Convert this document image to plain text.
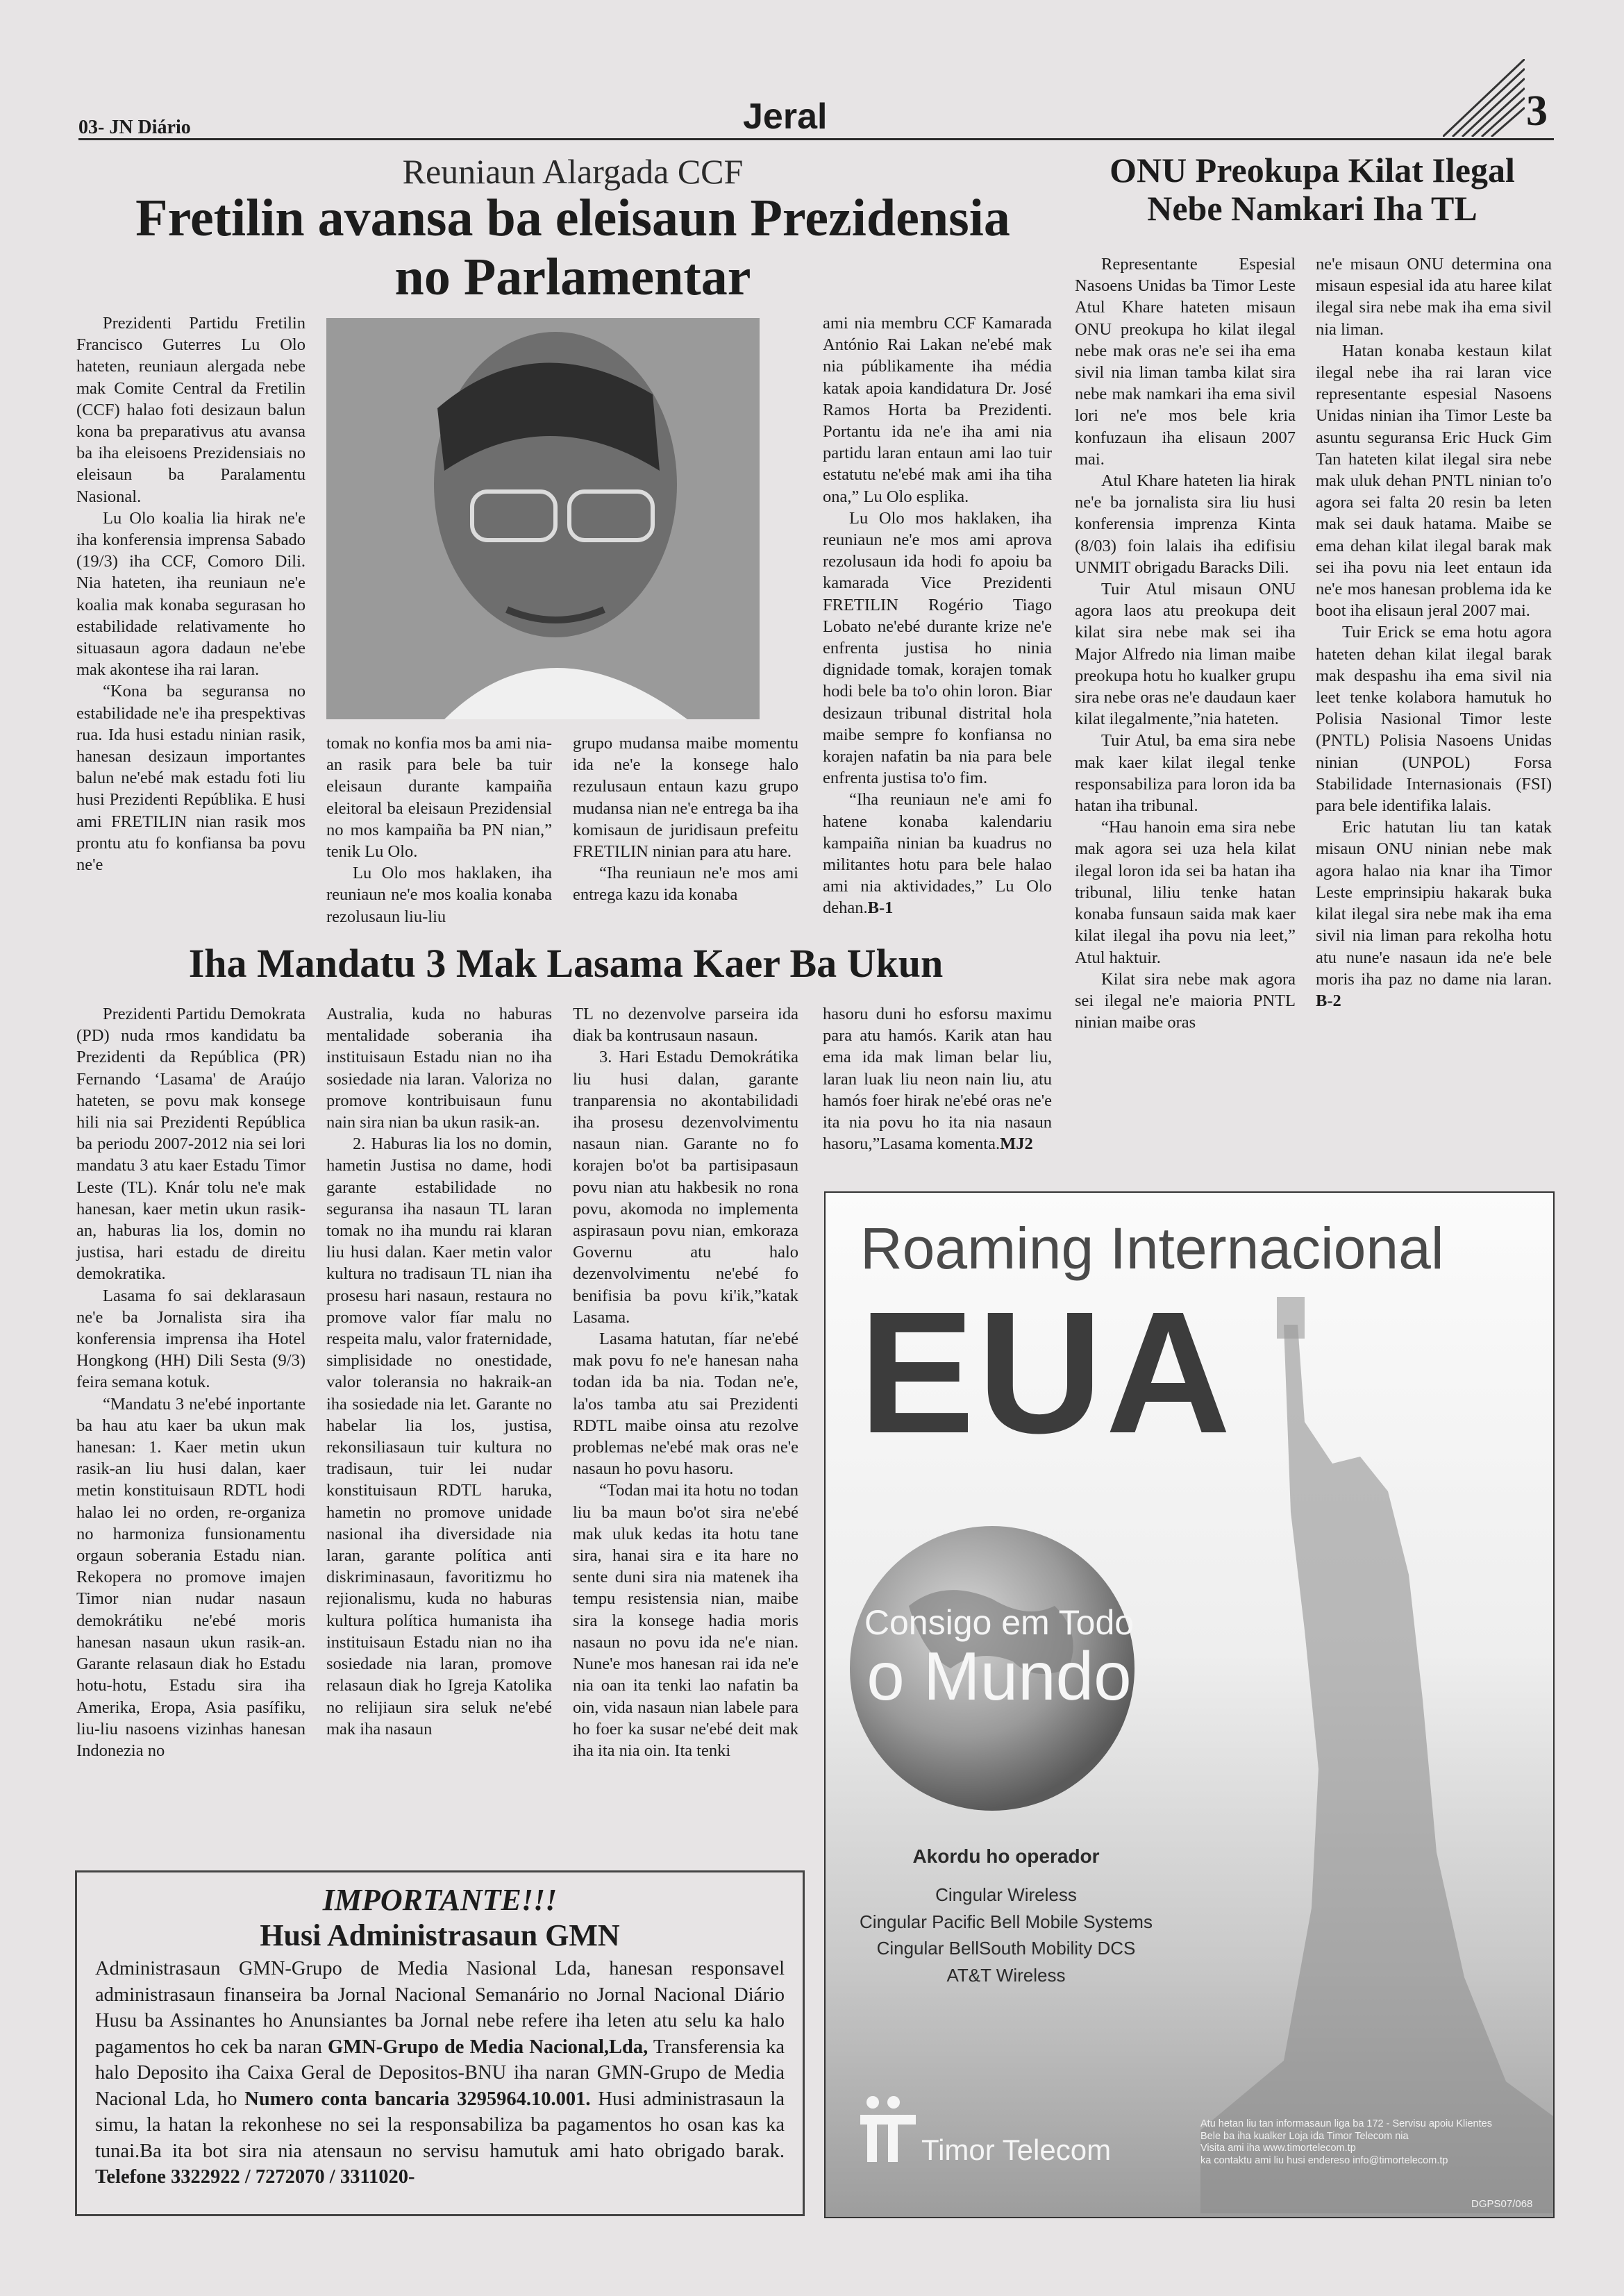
03- JN Diário	Jeral	3
Reuniaun Alargada CCF
Fretilin avansa ba eleisaun Prezidensia
no Parlamentar

Prezidenti Partidu Fretilin Francisco Guterres Lu Olo hateten, reuniaun alergada nebe mak Comite Central da Fretilin (CCF) halao foti desizaun balun kona ba preparativus atu avansa ba iha eleisoens Prezidensiais no eleisaun ba Paralamentu Nasional.

Lu Olo koalia lia hirak ne'e iha konferensia imprensa Sabado (19/3) iha CCF, Comoro Dili. Nia hateten, iha reuniaun ne'e koalia mak konaba segurasan ho estabilidade relativamente ho situasaun agora dadaun ne'ebe mak akontese iha rai laran.

“Kona ba seguransa no estabilidade ne'e iha prespektivas rua. Ida husi estadu ninian rasik, hanesan desizaun importantes balun ne'ebé mak estadu foti liu husi Prezidenti Repúblika. E husi ami FRETILIN nian rasik mos prontu atu fo konfiansa ba povu ne'e

tomak no konfia mos ba ami nia-an rasik para bele ba tuir eleisaun durante kampaiña eleitoral ba eleisaun Prezidensial no mos kampaiña ba PN nian,” tenik Lu Olo.

Lu Olo mos haklaken, iha reuniaun ne'e mos koalia konaba rezolusaun liu-liu

grupo mudansa maibe momentu ida ne'e la konsege halo rezulusaun entaun kazu grupo mudansa nian ne'e entrega ba iha komisaun de juridisaun prefeitu FRETILIN ninian para atu hare.

“Iha reuniaun ne'e mos ami entrega kazu ida konaba

ami nia membru CCF Kamarada António Rai Lakan ne'ebé mak nia públikamente iha média katak apoia kandidatura Dr. José Ramos Horta ba Prezidenti. Portantu ida ne'e iha ami nia partidu laran entaun ami lao tuir estatutu ne'ebé mak ami iha tiha ona,” Lu Olo esplika.

Lu Olo mos haklaken, iha reuniaun ne'e mos ami aprova rezolusaun ida hodi fo apoiu ba kamarada Vice Prezidenti FRETILIN Rogério Tiago Lobato ne'ebé durante krize ne'e enfrenta justisa ho ninia dignidade tomak, korajen tomak hodi bele ba to'o ohin loron. Biar desizaun tribunal distrital hola maibe sempre fo konfiansa no korajen nafatin ba nia para bele enfrenta justisa to'o fim.

“Iha reuniaun ne'e ami fo hatene konaba kalendariu kampaiña ninian ba kuadrus no militantes hotu para bele halao ami nia aktividades,” Lu Olo dehan.B-1

Iha Mandatu 3 Mak Lasama Kaer Ba Ukun

Prezidenti Partidu Demokrata (PD) nuda rmos kandidatu ba Prezidenti da República (PR) Fernando ‘Lasama' de Araújo hateten, se povu mak konsege hili nia sai Prezidenti República ba periodu 2007-2012 nia sei lori mandatu 3 atu kaer Estadu Timor Leste (TL). Knár tolu ne'e mak hanesan, kaer metin ukun rasik-an, haburas lia los, domin no justisa, hari estadu de direitu demokratika.

Lasama fo sai deklarasaun ne'e ba Jornalista sira iha konferensia imprensa iha Hotel Hongkong (HH) Dili Sesta (9/3) feira semana kotuk.

“Mandatu 3 ne'ebé inportante ba hau atu kaer ba ukun mak hanesan: 1. Kaer metin ukun rasik-an liu husi dalan, kaer metin konstituisaun RDTL hodi halao lei no orden, re-organiza no harmoniza funsionamentu orgaun soberania Estadu nian. Rekopera no promove imajen Timor nian nudar nasaun demokrátiku ne'ebé moris hanesan nasaun ukun rasik-an. Garante relasaun diak ho Estadu hotu-hotu, Estadu sira iha Amerika, Eropa, Asia pasífiku, liu-liu nasoens vizinhas hanesan Indonezia no

Australia, kuda no haburas mentalidade soberania iha instituisaun Estadu nian no iha sosiedade nia laran. Valoriza no promove kontribuisaun funu nain sira nian ba ukun rasik-an.

2. Haburas lia los no domin, hametin Justisa no dame, hodi garante estabilidade no seguransa iha nasaun TL laran tomak no iha mundu rai klaran liu husi dalan. Kaer metin valor kultura no tradisaun TL nian iha prosesu hari nasaun, restaura no promove valor fíar malu no respeita malu, valor fraternidade, simplisidade no onestidade, valor toleransia no hakraik-an iha sosiedade nia let. Garante no habelar lia los, justisa, rekonsiliasaun tuir kultura no tradisaun, tuir lei nudar konstituisaun RDTL haruka, hametin no promove unidade nasional iha diversidade nia laran, garante política anti diskriminasaun, favoritizmu ho rejionalismu, kuda no haburas kultura política humanista iha instituisaun Estadu nian no iha sosiedade nia laran, promove relasaun diak ho Igreja Katolika no relijiaun sira seluk ne'ebé mak iha nasaun

TL no dezenvolve parseira ida diak ba kontrusaun nasaun.

3. Hari Estadu Demokrátika liu husi dalan, garante tranparensia no akontabilidadi iha prosesu dezenvolvimentu nasaun nian. Garante no fo korajen bo'ot ba partisipasaun povu nian atu hakbesik no rona povu, akomoda no implementa aspirasaun povu nian, emkoraza Governu atu halo dezenvolvimentu ne'ebé fo benifisia ba povu ki'ik,”katak Lasama.

Lasama hatutan, fíar ne'ebé mak povu fo ne'e hanesan naha todan ida ba nia. Todan ne'e, la'os tamba atu sai Prezidenti RDTL maibe oinsa atu rezolve problemas ne'ebé mak oras ne'e nasaun ho povu hasoru.

“Todan mai ita hotu no todan liu ba maun bo'ot sira ne'ebé mak uluk kedas ita hotu tane sira, hanai sira e ita hare no sente duni sira nia matenek iha tempu resistensia nian, maibe sira la konsege hadia moris nasaun no povu ida ne'e nian. Nune'e mos hanesan rai ida ne'e nia oan ita tenki lao nafatin ba oin, vida nasaun nian labele para ho foer ka susar ne'ebé deit mak iha ita nia oin. Ita tenki

hasoru duni ho esforsu maximu para atu hamós. Karik atan hau ema ida mak liman belar liu, laran luak liu neon nain liu, atu hamós foer hirak ne'ebé oras ne'e ita nia povu ho ita nia nasaun hasoru,”Lasama komenta.MJ2

ONU Preokupa Kilat Ilegal
Nebe Namkari Iha TL

Representante Espesial Nasoens Unidas ba Timor Leste Atul Khare hateten misaun ONU preokupa ho kilat ilegal nebe mak oras ne'e sei iha ema sivil nia liman tamba kilat sira nebe mak namkari iha ema sivil lori ne'e mos bele kria konfuzaun iha elisaun 2007 mai.

Atul Khare hateten lia hirak ne'e ba jornalista sira liu husi konferensia imprenza Kinta (8/03) foin lalais iha edifisiu UNMIT obrigadu Baracks Dili.

Tuir Atul misaun ONU agora laos atu preokupa deit kilat sira nebe mak sei iha Major Alfredo nia liman maibe preokupa hotu ho kualker grupu sira nebe oras ne'e daudaun kaer kilat ilegalmente,”nia hateten.

Tuir Atul, ba ema sira nebe mak kaer kilat ilegal tenke responsabiliza para loron ida ba hatan iha tribunal.

“Hau hanoin ema sira nebe mak agora sei uza hela kilat ilegal loron ida sei ba hatan iha tribunal, liliu tenke hatan konaba funsaun saida mak kaer kilat ilegal iha povu nia leet,” Atul haktuir.

Kilat sira nebe mak agora sei ilegal ne'e maioria PNTL ninian maibe oras

ne'e misaun ONU determina ona misaun espesial ida atu haree kilat ilegal sira nebe mak iha ema sivil nia liman.

Hatan konaba kestaun kilat ilegal nebe iha rai laran vice representante espesial Nasoens Unidas ninian iha Timor Leste ba asuntu seguransa Eric Huck Gim Tan hateten kilat ilegal sira nebe mak uluk dehan PNTL ninian to'o agora sei falta 20 resin ba leten mak sei dauk hatama. Maibe se ema dehan kilat ilegal barak mak sei iha povu nia leet entaun ida ne'e mos hanesan problema ida ke boot iha elisaun jeral 2007 mai.

Tuir Erick se ema hotu agora hateten dehan kilat ilegal barak mak despashu iha ema sivil nia leet tenke kolabora hamutuk ho Polisia Nasional Timor leste (PNTL) Polisia Nasoens Unidas ninian (UNPOL) Forsa Stabilidade Internasionais (FSI) para bele identifika lalais.

Eric hatutan liu tan katak misaun ONU ninian nebe mak agora halao nia knar iha Timor Leste emprinsipiu hakarak buka kilat ilegal sira nebe mak iha ema sivil nia liman para rekolha hotu atu nune'e nasaun ida ne'e bele moris iha paz no dame nia laran. B-2

IMPORTANTE!!!
Husi Administrasaun GMN
Administrasaun GMN-Grupo de Media Nasional Lda, hanesan responsavel administrasaun finanseira ba Jornal Nacional Semanário no Jornal Nacional Diário Husu ba Assinantes ho Anunsiantes ba Jornal nebe refere iha leten atu selu ka halo pagamentos ho cek ba naran GMN-Grupo de Media Nacional,Lda, Transferensia ka halo Deposito iha Caixa Geral de Depositos-BNU iha naran GMN-Grupo de Media Nacional Lda, ho Numero conta bancaria 3295964.10.001. Husi administrasaun la simu, la hatan la rekonhese no sei la responsabiliza ba pagamentos ho osan kas ka tunai.Ba ita bot sira nia atensaun no servisu hamutuk ami hato obrigado barak. Telefone 3322922 / 7272070 / 3311020-
Roaming Internacional
EUA
Consigo em Todo
o Mundo
Akordu ho operador
Cingular Wireless
Cingular Pacific Bell Mobile Systems
Cingular BellSouth Mobility DCS
AT&T Wireless
Timor Telecom
Atu hetan liu tan informasaun liga ba 172 - Servisu apoiu Klientes
Bele ba iha kualker Loja ida Timor Telecom nia
Visita ami iha www.timortelecom.tp
ka contaktu ami liu husi endereso info@timortelecom.tp
DGPS07/068
